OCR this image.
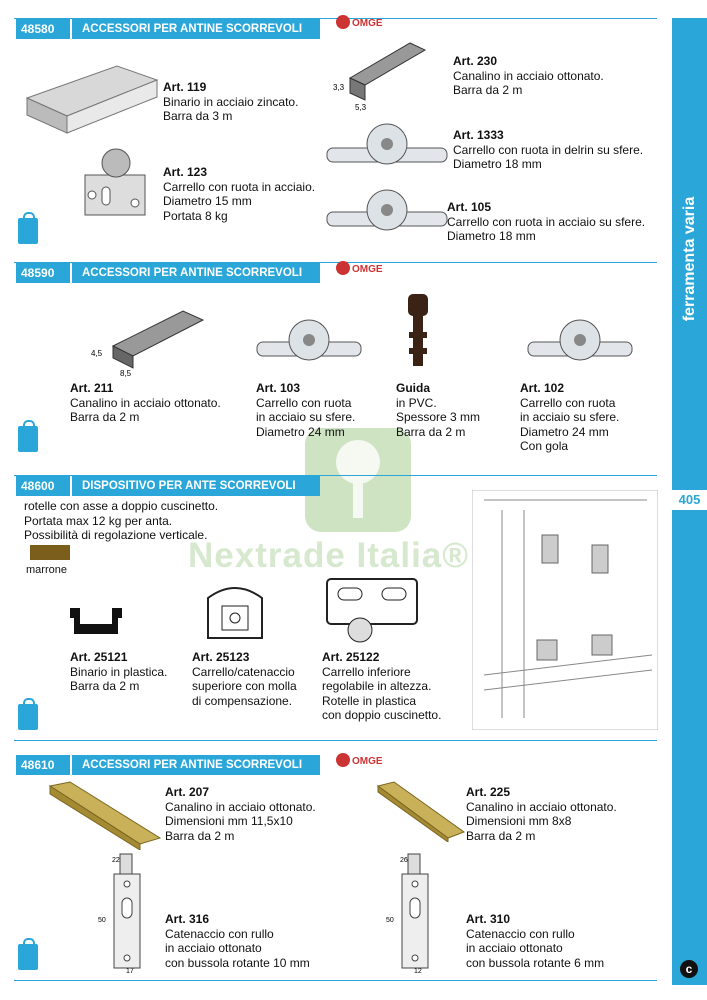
ferramenta varia
405
c
Nextrade Italia®
48580	ACCESSORI PER ANTINE SCORREVOLI	OMGE
Art. 119
Binario in acciaio zincato.
Barra da 3 m
Art. 123
Carrello con ruota in acciaio.
Diametro 15 mm
Portata 8 kg
3,3
5,3
Art. 230
Canalino in acciaio ottonato.
Barra da 2 m
Art. 1333
Carrello con ruota in delrin su sfere.
Diametro 18 mm
Art. 105
Carrello con ruota in acciaio su sfere.
Diametro 18 mm
48590	ACCESSORI PER ANTINE SCORREVOLI	OMGE
4,5
8,5
Art. 211
Canalino in acciaio ottonato.
Barra da 2 m
Art. 103
Carrello con ruota
in acciaio su sfere.
Diametro 24 mm
Guida
in PVC.
Spessore 3 mm
Barra da 2 m
Art. 102
Carrello con ruota
in acciaio su sfere.
Diametro 24 mm
Con gola
48600	DISPOSITIVO PER ANTE SCORREVOLI
rotelle con asse a doppio cuscinetto.
Portata max 12 kg per anta.
Possibilità di regolazione verticale.
marrone
Art. 25121
Binario in plastica.
Barra da 2 m
Art. 25123
Carrello/catenaccio
superiore con molla
di compensazione.
Art. 25122
Carrello inferiore
regolabile in altezza.
Rotelle in plastica
con doppio cuscinetto.
48610	ACCESSORI PER ANTINE SCORREVOLI	OMGE
Art. 207
Canalino in acciaio ottonato.
Dimensioni mm 11,5x10
Barra da 2 m
Art. 225
Canalino in acciaio ottonato.
Dimensioni mm 8x8
Barra da 2 m
22
50
17
Art. 316
Catenaccio con rullo
in acciaio ottonato
con bussola rotante 10 mm
26
50
12
Art. 310
Catenaccio con rullo
in acciaio ottonato
con bussola rotante 6 mm
